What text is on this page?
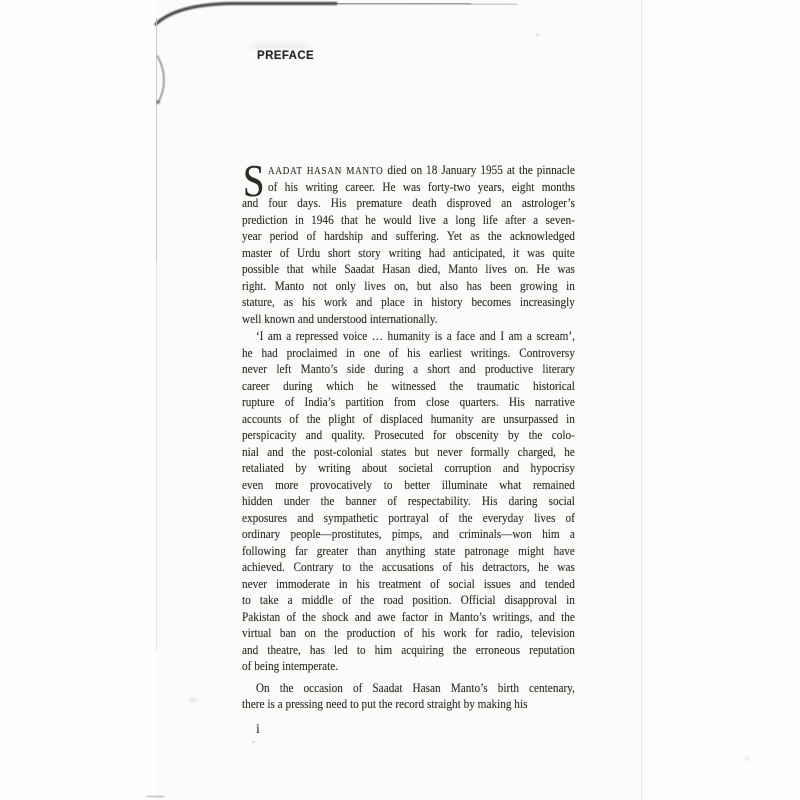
PREFACE
S AADAT HASAN MANTO died on 18 January 1955 at the pinnacle
of his writing career. He was forty-two years, eight months
and four days. His premature death disproved an astrologer’s
prediction in 1946 that he would live a long life after a seven-
year period of hardship and suffering. Yet as the acknowledged
master of Urdu short story writing had anticipated, it was quite
possible that while Saadat Hasan died, Manto lives on. He was
right. Manto not only lives on, but also has been growing in
stature, as his work and place in history becomes increasingly
well known and understood internationally.
‘I am a repressed voice … humanity is a face and I am a scream’,
he had proclaimed in one of his earliest writings. Controversy
never left Manto’s side during a short and productive literary
career during which he witnessed the traumatic historical
rupture of India’s partition from close quarters. His narrative
accounts of the plight of displaced humanity are unsurpassed in
perspicacity and quality. Prosecuted for obscenity by the colo-
nial and the post-colonial states but never formally charged, he
retaliated by writing about societal corruption and hypocrisy
even more provocatively to better illuminate what remained
hidden under the banner of respectability. His daring social
exposures and sympathetic portrayal of the everyday lives of
ordinary people—prostitutes, pimps, and criminals—won him a
following far greater than anything state patronage might have
achieved. Contrary to the accusations of his detractors, he was
never immoderate in his treatment of social issues and tended
to take a middle of the road position. Official disapproval in
Pakistan of the shock and awe factor in Manto’s writings, and the
virtual ban on the production of his work for radio, television
and theatre, has led to him acquiring the erroneous reputation
of being intemperate.
On the occasion of Saadat Hasan Manto’s birth centenary,
there is a pressing need to put the record straight by making his
i
